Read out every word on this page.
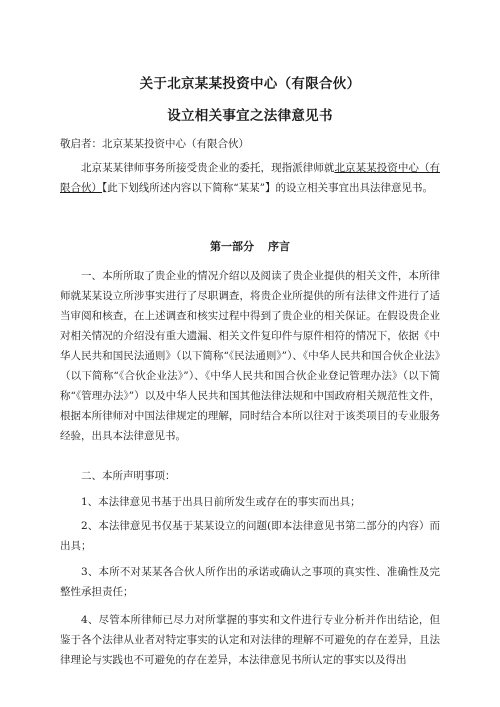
关于北京某某投资中心（有限合伙）
设立相关事宜之法律意见书
敬启者：北京某某投资中心（有限合伙）
北京某某律师事务所接受贵企业的委托，现指派律师就北京某某投资中心（有限合伙）【此下划线所述内容以下简称“某某”】的设立相关事宜出具法律意见书。
第一部分 序言
一、本所所取了贵企业的情况介绍以及阅读了贵企业提供的相关文件，本所律师就某某设立所涉事实进行了尽职调查，将贵企业所提供的所有法律文件进行了适当审阅和核查，在上述调查和核实过程中得到了贵企业的相关保证。在假设贵企业对相关情况的介绍没有重大遗漏、相关文件复印件与原件相符的情况下，依据《中华人民共和国民法通则》（以下简称“《民法通则》”）、《中华人民共和国合伙企业法》（以下简称“《合伙企业法》”）、《中华人民共和国合伙企业登记管理办法》（以下简称“《管理办法》”）以及中华人民共和国其他法律法规和中国政府相关规范性文件，根据本所律师对中国法律规定的理解，同时结合本所以往对于该类项目的专业服务经验，出具本法律意见书。
二、本所声明事项：
1、本法律意见书基于出具日前所发生或存在的事实而出具；
2、本法律意见书仅基于某某设立的问题(即本法律意见书第二部分的内容）而出具；
3、本所不对某某各合伙人所作出的承诺或确认之事项的真实性、准确性及完整性承担责任；
4、尽管本所律师已尽力对所掌握的事实和文件进行专业分析并作出结论，但鉴于各个法律从业者对特定事实的认定和对法律的理解不可避免的存在差异，且法律理论与实践也不可避免的存在差异，本法律意见书所认定的事实以及得出
